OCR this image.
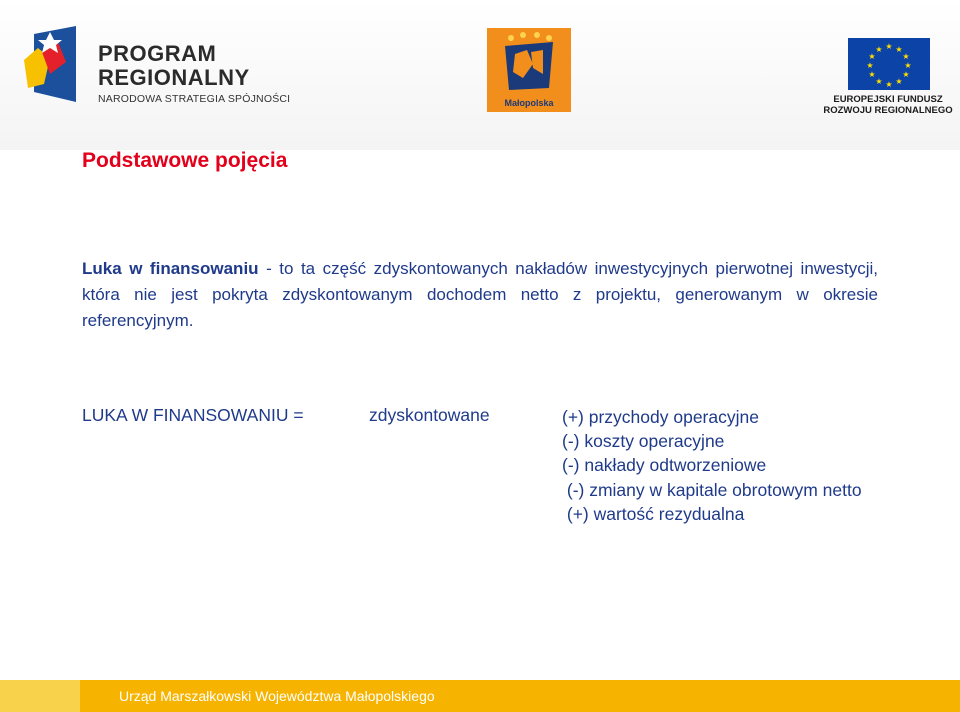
PROGRAM
REGIONALNY
NARODOWA STRATEGIA SPÓJNOŚCI	Małopolska
★ ★
★
★
★
★
★
★
★
★
★
★
EUROPEJSKI FUNDUSZ
ROZWOJU REGIONALNEGO
Podstawowe pojęcia
Luka w finansowaniu - to ta część zdyskontowanych nakładów inwestycyjnych pierwotnej inwestycji, która nie jest pokryta zdyskontowanym dochodem netto z projektu, generowanym w okresie referencyjnym.
LUKA W FINANSOWANIU =	zdyskontowane	(+) przychody operacyjne
(-) koszty operacyjne
(-) nakłady odtworzeniowe
(-) zmiany w kapitale obrotowym netto
(+) wartość rezydualna
Urząd Marszałkowski Województwa Małopolskiego
